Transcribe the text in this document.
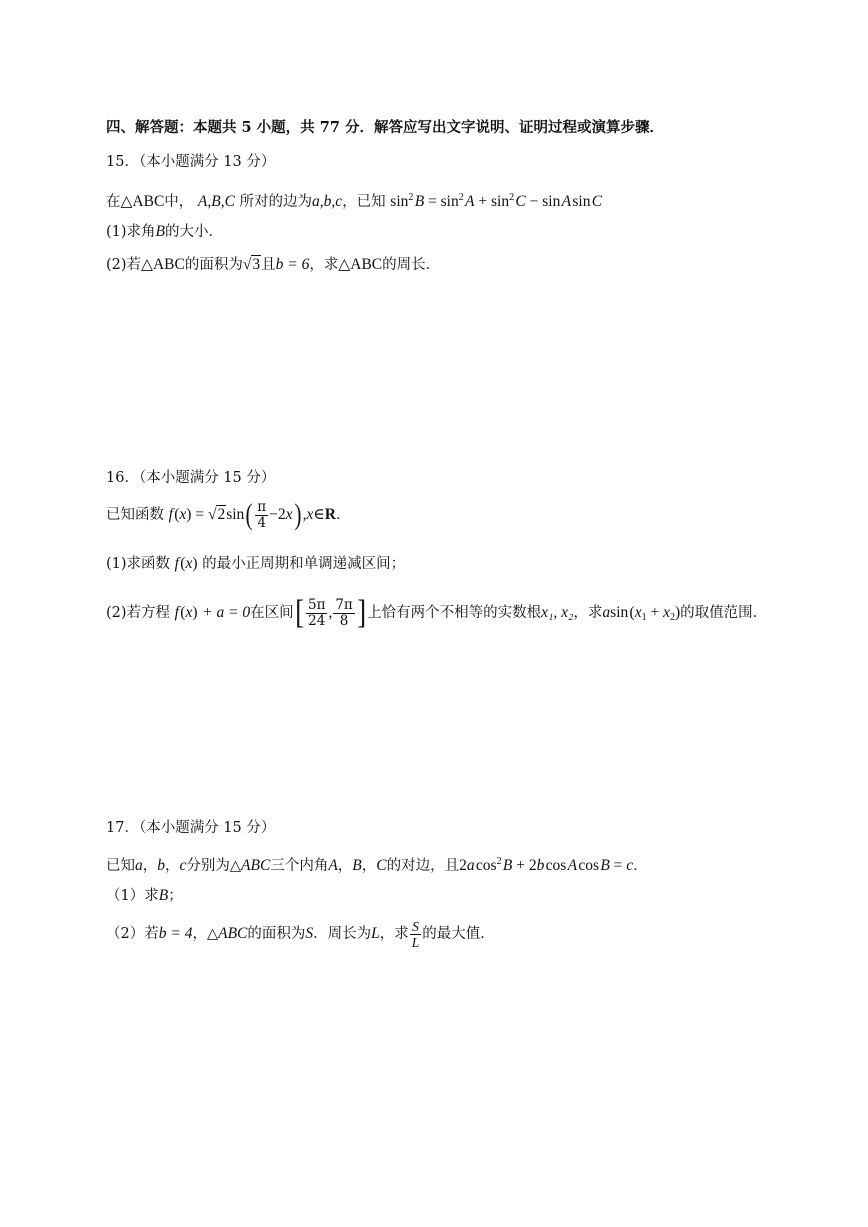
四、解答题：本题共 5 小题，共 77 分．解答应写出文字说明、证明过程或演算步骤．
15．（本小题满分 13 分）
在△ABC中， A,B,C 所对的边为a,b,c，已知 $\sin^2$ $B = \sin^2$ $A + \sin^2$ C − sin A sin C
(1)求角B的大小．
(2)若△ABC的面积为√3且b = 6，求△ABC的周长．
16．（本小题满分 15 分）
已知函数 f $(x) = √2\sin( \frac{\pi}{4}$ −2x),x∈R．
(1)求函数 f (x) 的最小正周期和单调递减区间；
(2)若方程 f (x) + a = 0在区间[ $\frac{5\pi}{24}$ , $\frac{7\pi}{8}$ ]上恰有两个不相等的实数根x₁, x₂，求asin $(x_1 + x_2)$的取值范围．
17．（本小题满分 15 分）
已知a，b，c分别为△ABC三个内角A，B，C的对边，且2a $\cos^2$ B + 2b cos A cos B = c．
（1）求B；
（2）若b = 4，△ABC的面积为S．周长为L，求 $\frac{S}{L}$ 的最大值．
